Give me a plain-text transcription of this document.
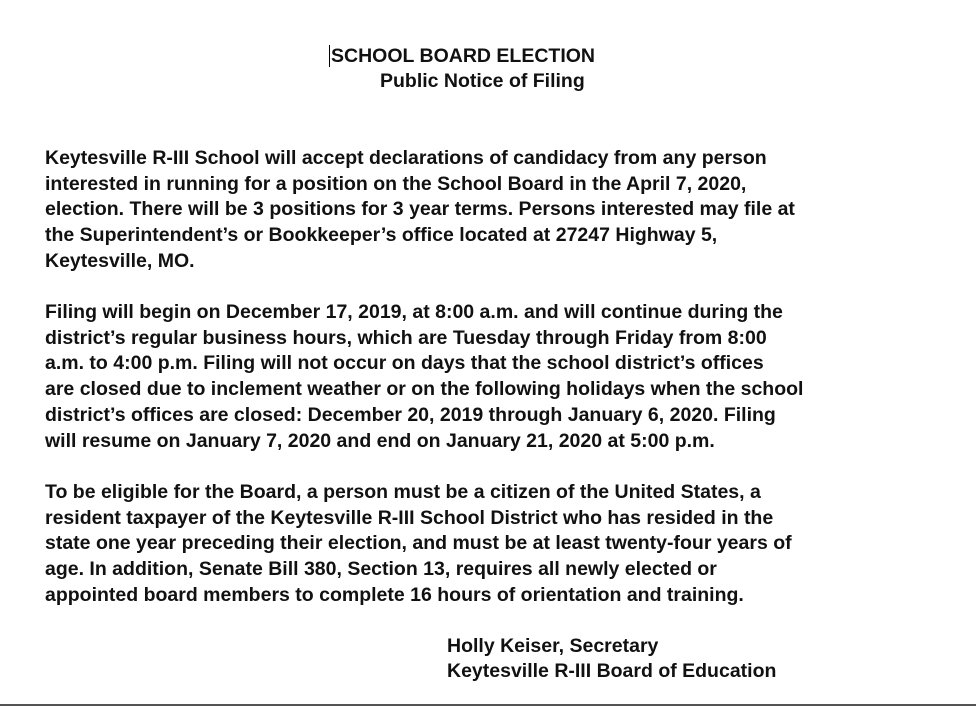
SCHOOL BOARD ELECTION
Public Notice of Filing
Keytesville R-III School will accept declarations of candidacy from any person
interested in running for a position on the School Board in the April 7, 2020,
election. There will be 3 positions for 3 year terms. Persons interested may file at
the Superintendent’s or Bookkeeper’s office located at 27247 Highway 5,
Keytesville, MO.
Filing will begin on December 17, 2019, at 8:00 a.m. and will continue during the
district’s regular business hours, which are Tuesday through Friday from 8:00
a.m. to 4:00 p.m. Filing will not occur on days that the school district’s offices
are closed due to inclement weather or on the following holidays when the school
district’s offices are closed: December 20, 2019 through January 6, 2020. Filing
will resume on January 7, 2020 and end on January 21, 2020 at 5:00 p.m.
To be eligible for the Board, a person must be a citizen of the United States, a
resident taxpayer of the Keytesville R-III School District who has resided in the
state one year preceding their election, and must be at least twenty-four years of
age. In addition, Senate Bill 380, Section 13, requires all newly elected or
appointed board members to complete 16 hours of orientation and training.
Holly Keiser, Secretary
Keytesville R-III Board of Education
